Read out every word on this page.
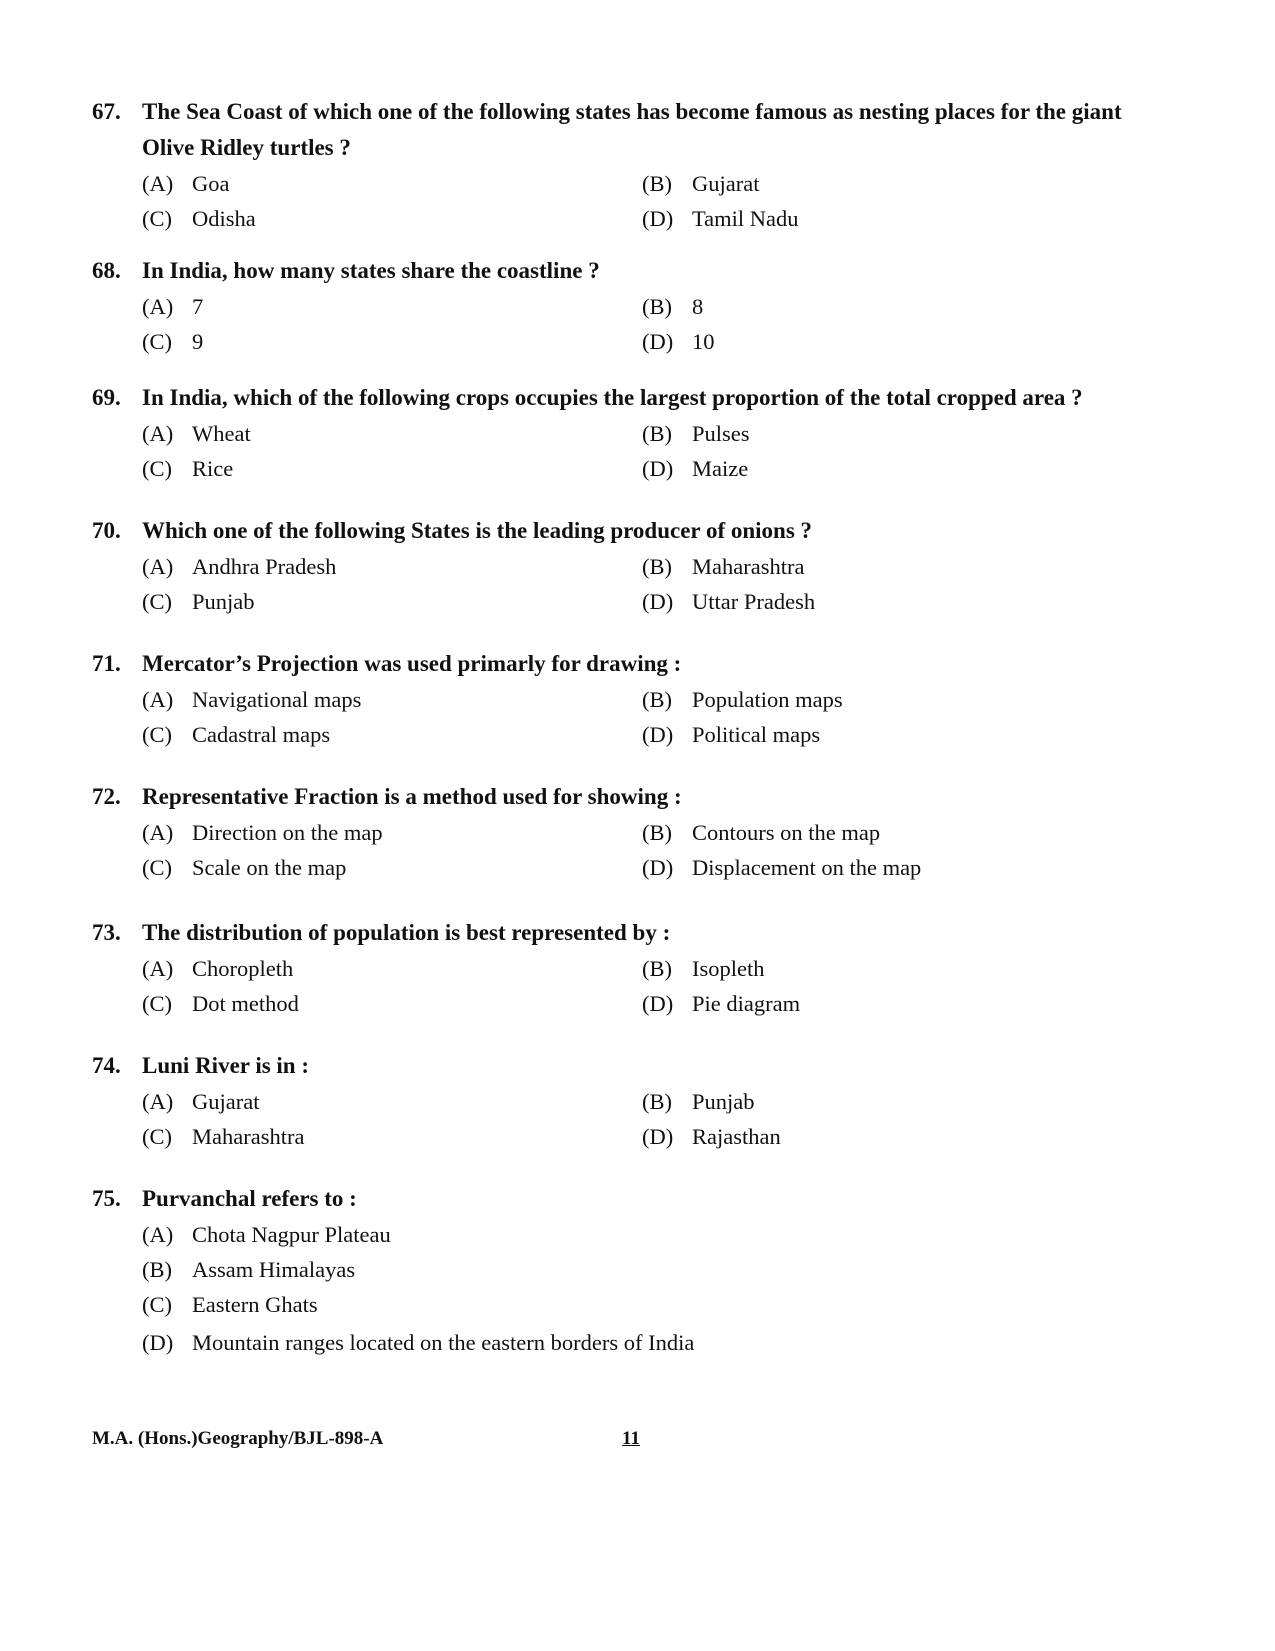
67. The Sea Coast of which one of the following states has become famous as nesting places for the giant Olive Ridley turtles ?
(A) Goa	(B) Gujarat
(C) Odisha	(D) Tamil Nadu
68. In India, how many states share the coastline ?
(A) 7	(B) 8
(C) 9	(D) 10
69. In India, which of the following crops occupies the largest proportion of the total cropped area ?
(A) Wheat	(B) Pulses
(C) Rice	(D) Maize
70. Which one of the following States is the leading producer of onions ?
(A) Andhra Pradesh	(B) Maharashtra
(C) Punjab	(D) Uttar Pradesh
71. Mercator’s Projection was used primarly for drawing :
(A) Navigational maps	(B) Population maps
(C) Cadastral maps	(D) Political maps
72. Representative Fraction is a method used for showing :
(A) Direction on the map	(B) Contours on the map
(C) Scale on the map	(D) Displacement on the map
73. The distribution of population is best represented by :
(A) Choropleth	(B) Isopleth
(C) Dot method	(D) Pie diagram
74. Luni River is in :
(A) Gujarat	(B) Punjab
(C) Maharashtra	(D) Rajasthan
75. Purvanchal refers to :
(A) Chota Nagpur Plateau
(B) Assam Himalayas
(C) Eastern Ghats
(D) Mountain ranges located on the eastern borders of India
M.A. (Hons.)Geography/BJL-898-A	11
